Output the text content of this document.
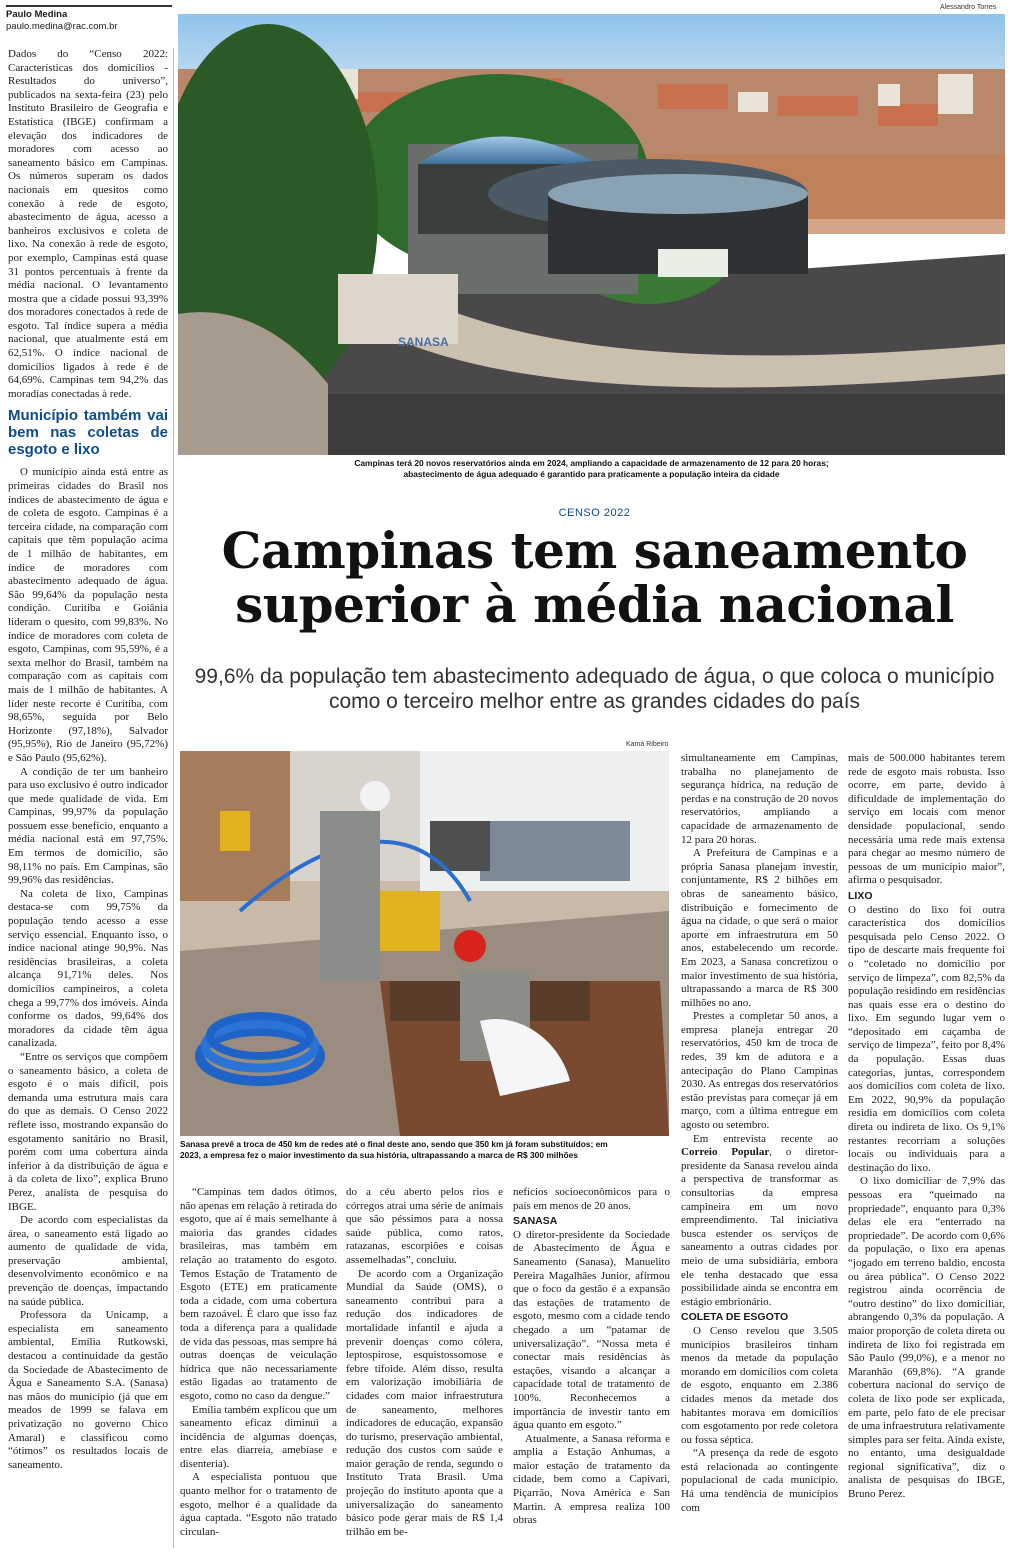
Paulo Medina
paulo.medina@rac.com.br
Alessandro Torres
SANASA
Campinas terá 20 novos reservatórios ainda em 2024, ampliando a capacidade de armazenamento de 12 para 20 horas;
abastecimento de água adequado é garantido para praticamente a população inteira da cidade
CENSO 2022
Campinas tem saneamento
superior à média nacional
99,6% da população tem abastecimento adequado de água, o que coloca o município como o terceiro melhor entre as grandes cidades do país

Dados do “Censo 2022: Características dos domicílios - Resultados do universo”, publicados na sexta-feira (23) pelo Instituto Brasileiro de Geografia e Estatística (IBGE) confirmam a elevação dos indicadores de moradores com acesso ao saneamento básico em Campinas. Os números superam os dados nacionais em quesitos como conexão à rede de esgoto, abastecimento de água, acesso a banheiros exclusivos e coleta de lixo. Na conexão à rede de esgoto, por exemplo, Campinas está quase 31 pontos percentuais à frente da média nacional. O levantamento mostra que a cidade possui 93,39% dos moradores conectados à rede de esgoto. Tal índice supera a média nacional, que atualmente está em 62,51%. O índice nacional de domicílios ligados à rede é de 64,69%. Campinas tem 94,2% das moradias conectadas à rede.

Município também vai bem nas coletas de esgoto e lixo

O município ainda está entre as primeiras cidades do Brasil nos índices de abastecimento de água e de coleta de esgoto. Campinas é a terceira cidade, na comparação com capitais que têm população acima de 1 milhão de habitantes, em índice de moradores com abastecimento adequado de água. São 99,64% da população nesta condição. Curitiba e Goiânia lideram o quesito, com 99,83%. No índice de moradores com coleta de esgoto, Campinas, com 95,59%, é a sexta melhor do Brasil, também na comparação com as capitais com mais de 1 milhão de habitantes. A líder neste recorte é Curitiba, com 98,65%, seguida por Belo Horizonte (97,18%), Salvador (95,95%), Rio de Janeiro (95,72%) e São Paulo (95,62%).

A condição de ter um banheiro para uso exclusivo é outro indicador que mede qualidade de vida. Em Campinas, 99,97% da população possuem esse benefício, enquanto a média nacional está em 97,75%. Em termos de domicílio, são 98,11% no país. Em Campinas, são 99,96% das residências.

Na coleta de lixo, Campinas destaca-se com 99,75% da população tendo acesso a esse serviço essencial. Enquanto isso, o índice nacional atinge 90,9%. Nas residências brasileiras, a coleta alcança 91,71% deles. Nos domicílios campineiros, a coleta chega a 99,77% dos imóveis. Ainda conforme os dados, 99,64% dos moradores da cidade têm água canalizada.

“Entre os serviços que compõem o saneamento básico, a coleta de esgoto é o mais difícil, pois demanda uma estrutura mais cara do que as demais. O Censo 2022 reflete isso, mostrando expansão do esgotamento sanitário no Brasil, porém com uma cobertura ainda inferior à da distribuição de água e à da coleta de lixo”, explica Bruno Perez, analista de pesquisa do IBGE.

De acordo com especialistas da área, o saneamento está ligado ao aumento de qualidade de vida, preservação ambiental, desenvolvimento econômico e na prevenção de doenças, impactando na saúde pública.

Professora da Unicamp, a especialista em saneamento ambiental, Emília Rutkowski, destacou a continuidade da gestão da Sociedade de Abastecimento de Água e Saneamento S.A. (Sanasa) nas mãos do município (já que em meados de 1999 se falava em privatização no governo Chico Amaral) e classificou como “ótimos” os resultados locais de saneamento.

Kamá Ribeiro
Sanasa prevê a troca de 450 km de redes até o final deste ano, sendo que 350 km já foram substituídos; em
2023, a empresa fez o maior investimento da sua história, ultrapassando a marca de R$ 300 milhões

“Campinas tem dados ótimos, não apenas em relação à retirada do esgoto, que aí é mais semelhante à maioria das grandes cidades brasileiras, mas também em relação ao tratamento do esgoto. Temos Estação de Tratamento de Esgoto (ETE) em praticamente toda a cidade, com uma cobertura bem razoável. É claro que isso faz toda a diferença para a qualidade de vida das pessoas, mas sempre há outras doenças de veiculação hídrica que não necessariamente estão ligadas ao tratamento de esgoto, como no caso da dengue.”

Emília também explicou que um saneamento eficaz diminui a incidência de algumas doenças, entre elas diarreia, amebíase e disenteria).

A especialista pontuou que quanto melhor for o tratamento de esgoto, melhor é a qualidade da água captada. “Esgoto não tratado circulan-

do a céu aberto pelos rios e córregos atrai uma série de animais que são péssimos para a nossa saúde pública, como ratos, ratazanas, escorpiões e coisas assemelhadas”, concluiu.

De acordo com a Organização Mundial da Saúde (OMS), o saneamento contribui para a redução dos indicadores de mortalidade infantil e ajuda a prevenir doenças como cólera, leptospirose, esquistossomose e febre tifoide. Além disso, resulta em valorização imobiliária de cidades com maior infraestrutura de saneamento, melhores indicadores de educação, expansão do turismo, preservação ambiental, redução dos custos com saúde e maior geração de renda, segundo o Instituto Trata Brasil. Uma projeção do instituto aponta que a universalização do saneamento básico pode gerar mais de R$ 1,4 trilhão em be-

nefícios socioeconômicos para o país em menos de 20 anos.

SANASA

O diretor-presidente da Sociedade de Abastecimento de Água e Saneamento (Sanasa), Manuelito Pereira Magalhães Junior, afirmou que o foco da gestão é a expansão das estações de tratamento de esgoto, mesmo com a cidade tendo chegado a um “patamar de universalização”. “Nossa meta é conectar mais residências às estações, visando a alcançar a capacidade total de tratamento de 100%. Reconhecemos a importância de investir tanto em água quanto em esgoto.”

Atualmente, a Sanasa reforma e amplia a Estação Anhumas, a maior estação de tratamento da cidade, bem como a Capivari, Piçarrão, Nova América e San Martin. A empresa realiza 100 obras

simultaneamente em Campinas, trabalha no planejamento de segurança hídrica, na redução de perdas e na construção de 20 novos reservatórios, ampliando a capacidade de armazenamento de 12 para 20 horas.

A Prefeitura de Campinas e a própria Sanasa planejam investir, conjuntamente, R$ 2 bilhões em obras de saneamento básico, distribuição e fornecimento de água na cidade, o que será o maior aporte em infraestrutura em 50 anos, estabelecendo um recorde. Em 2023, a Sanasa concretizou o maior investimento de sua história, ultrapassando a marca de R$ 300 milhões no ano.

Prestes a completar 50 anos, a empresa planeja entregar 20 reservatórios, 450 km de troca de redes, 39 km de adutora e a antecipação do Plano Campinas 2030. As entregas dos reservatórios estão previstas para começar já em março, com a última entregue em agosto ou setembro.

Em entrevista recente ao Correio Popular, o diretor-presidente da Sanasa revelou ainda a perspectiva de transformar as consultorias da empresa campineira em um novo empreendimento. Tal iniciativa busca estender os serviços de saneamento a outras cidades por meio de uma subsidiária, embora ele tenha destacado que essa possibilidade ainda se encontra em estágio embrionário.

COLETA DE ESGOTO

O Censo revelou que 3.505 municípios brasileiros tinham menos da metade da população morando em domicílios com coleta de esgoto, enquanto em 2.386 cidades menos da metade dos habitantes morava em domicílios com esgotamento por rede coletora ou fossa séptica.

“A presença da rede de esgoto está relacionada ao contingente populacional de cada município. Há uma tendência de municípios com

mais de 500.000 habitantes terem rede de esgoto mais robusta. Isso ocorre, em parte, devido à dificuldade de implementação do serviço em locais com menor densidade populacional, sendo necessária uma rede mais extensa para chegar ao mesmo número de pessoas de um município maior”, afirma o pesquisador.

LIXO

O destino do lixo foi outra característica dos domicílios pesquisada pelo Censo 2022. O tipo de descarte mais frequente foi o “coletado no domicílio por serviço de limpeza”, com 82,5% da população residindo em residências nas quais esse era o destino do lixo. Em segundo lugar vem o “depositado em caçamba de serviço de limpeza”, feito por 8,4% da população. Essas duas categorias, juntas, correspondem aos domicílios com coleta de lixo. Em 2022, 90,9% da população residia em domicílios com coleta direta ou indireta de lixo. Os 9,1% restantes recorriam a soluções locais ou individuais para a destinação do lixo.

O lixo domiciliar de 7,9% das pessoas era “queimado na propriedade”, enquanto para 0,3% delas ele era “enterrado na propriedade”. De acordo com 0,6% da população, o lixo era apenas “jogado em terreno baldio, encosta ou área pública”. O Censo 2022 registrou ainda ocorrência de “outro destino” do lixo domiciliar, abrangendo 0,3% da população. A maior proporção de coleta direta ou indireta de lixo foi registrada em São Paulo (99,0%), e a menor no Maranhão (69,8%). “A grande cobertura nacional do serviço de coleta de lixo pode ser explicada, em parte, pelo fato de ele precisar de uma infraestrutura relativamente simples para ser feita. Ainda existe, no entanto, uma desigualdade regional significativa”, diz o analista de pesquisas do IBGE, Bruno Perez.
